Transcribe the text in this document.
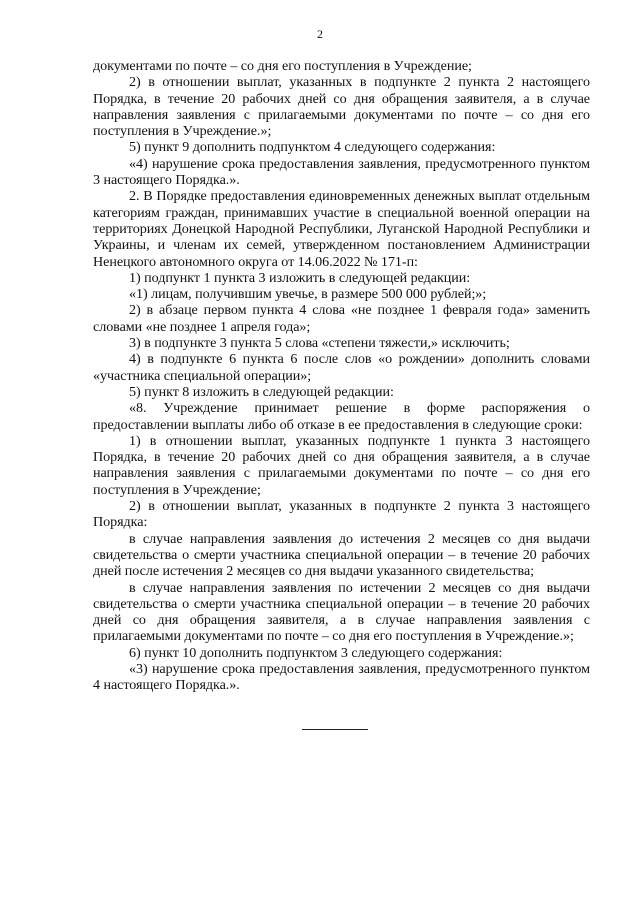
2

документами по почте – со дня его поступления в Учреждение;

2) в отношении выплат, указанных в подпункте 2 пункта 2 настоящего Порядка, в течение 20 рабочих дней со дня обращения заявителя, а в случае направления заявления с прилагаемыми документами по почте – со дня его поступления в Учреждение.»;

5) пункт 9 дополнить подпунктом 4 следующего содержания:

«4) нарушение срока предоставления заявления, предусмотренного пунктом 3 настоящего Порядка.».

2. В Порядке предоставления единовременных денежных выплат отдельным категориям граждан, принимавших участие в специальной военной операции на территориях Донецкой Народной Республики, Луганской Народной Республики и Украины, и членам их семей, утвержденном постановлением Администрации Ненецкого автономного округа от 14.06.2022 № 171-п:

1) подпункт 1 пункта 3 изложить в следующей редакции:

«1) лицам, получившим увечье, в размере 500 000 рублей;»;

2) в абзаце первом пункта 4 слова «не позднее 1 февраля года» заменить словами «не позднее 1 апреля года»;

3) в подпункте 3 пункта 5 слова «степени тяжести,» исключить;

4) в подпункте 6 пункта 6 после слов «о рождении» дополнить словами «участника специальной операции»;

5) пункт 8 изложить в следующей редакции:

«8. Учреждение принимает решение в форме распоряжения о предоставлении выплаты либо об отказе в ее предоставления в следующие сроки:

1) в отношении выплат, указанных подпункте 1 пункта 3 настоящего Порядка, в течение 20 рабочих дней со дня обращения заявителя, а в случае направления заявления с прилагаемыми документами по почте – со дня его поступления в Учреждение;

2) в отношении выплат, указанных в подпункте 2 пункта 3 настоящего Порядка:

в случае направления заявления до истечения 2 месяцев со дня выдачи свидетельства о смерти участника специальной операции – в течение 20 рабочих дней после истечения 2 месяцев со дня выдачи указанного свидетельства;

в случае направления заявления по истечении 2 месяцев со дня выдачи свидетельства о смерти участника специальной операции – в течение 20 рабочих дней со дня обращения заявителя, а в случае направления заявления с прилагаемыми документами по почте – со дня его поступления в Учреждение.»;

6) пункт 10 дополнить подпунктом 3 следующего содержания:

«3) нарушение срока предоставления заявления, предусмотренного пунктом 4 настоящего Порядка.».
